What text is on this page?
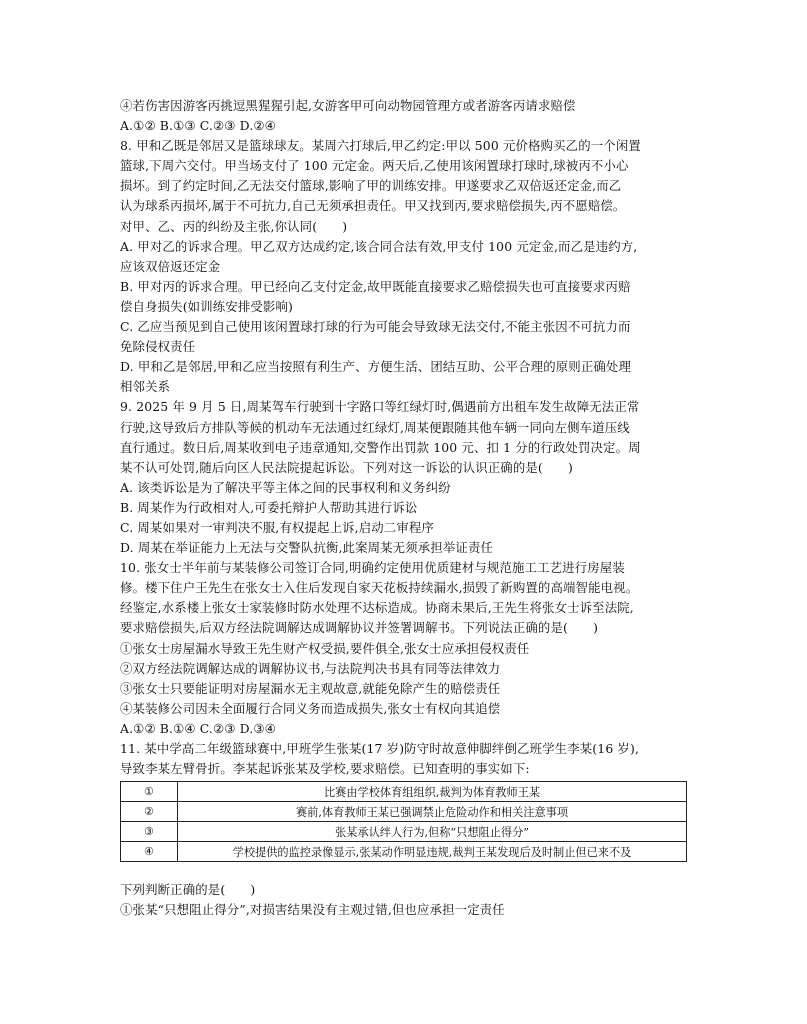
④若伤害因游客丙挑逗黑猩猩引起,女游客甲可向动物园管理方或者游客丙请求赔偿
A.①② B.①③ C.②③ D.②④
8. 甲和乙既是邻居又是篮球球友。某周六打球后,甲乙约定:甲以 500 元价格购买乙的一个闲置
篮球,下周六交付。甲当场支付了 100 元定金。两天后,乙使用该闲置球打球时,球被丙不小心
损坏。到了约定时间,乙无法交付篮球,影响了甲的训练安排。甲遂要求乙双倍返还定金,而乙
认为球系丙损坏,属于不可抗力,自己无须承担责任。甲又找到丙,要求赔偿损失,丙不愿赔偿。
对甲、乙、丙的纠纷及主张,你认同(　　)
A. 甲对乙的诉求合理。甲乙双方达成约定,该合同合法有效,甲支付 100 元定金,而乙是违约方,
应该双倍返还定金
B. 甲对丙的诉求合理。甲已经向乙支付定金,故甲既能直接要求乙赔偿损失也可直接要求丙赔
偿自身损失(如训练安排受影响)
C. 乙应当预见到自己使用该闲置球打球的行为可能会导致球无法交付,不能主张因不可抗力而
免除侵权责任
D. 甲和乙是邻居,甲和乙应当按照有利生产、方便生活、团结互助、公平合理的原则正确处理
相邻关系
9. 2025 年 9 月 5 日,周某驾车行驶到十字路口等红绿灯时,偶遇前方出租车发生故障无法正常
行驶,这导致后方排队等候的机动车无法通过红绿灯,周某便跟随其他车辆一同向左侧车道压线
直行通过。数日后,周某收到电子违章通知,交警作出罚款 100 元、扣 1 分的行政处罚决定。周
某不认可处罚,随后向区人民法院提起诉讼。下列对这一诉讼的认识正确的是(　　)
A. 该类诉讼是为了解决平等主体之间的民事权利和义务纠纷
B. 周某作为行政相对人,可委托辩护人帮助其进行诉讼
C. 周某如果对一审判决不服,有权提起上诉,启动二审程序
D. 周某在举证能力上无法与交警队抗衡,此案周某无须承担举证责任
10. 张女士半年前与某装修公司签订合同,明确约定使用优质建材与规范施工工艺进行房屋装
修。楼下住户王先生在张女士入住后发现自家天花板持续漏水,损毁了新购置的高端智能电视。
经鉴定,水系楼上张女士家装修时防水处理不达标造成。协商未果后,王先生将张女士诉至法院,
要求赔偿损失,后双方经法院调解达成调解协议并签署调解书。下列说法正确的是(　　)
①张女士房屋漏水导致王先生财产权受损,要件俱全,张女士应承担侵权责任
②双方经法院调解达成的调解协议书,与法院判决书具有同等法律效力
③张女士只要能证明对房屋漏水无主观故意,就能免除产生的赔偿责任
④某装修公司因未全面履行合同义务而造成损失,张女士有权向其追偿
A.①② B.①④ C.②③ D.③④
11. 某中学高二年级篮球赛中,甲班学生张某(17 岁)防守时故意伸脚绊倒乙班学生李某(16 岁),
导致李某左臂骨折。李某起诉张某及学校,要求赔偿。已知查明的事实如下:
①	比赛由学校体育组组织,裁判为体育教师王某
②	赛前,体育教师王某已强调禁止危险动作和相关注意事项
③	张某承认绊人行为,但称“只想阻止得分”
④	学校提供的监控录像显示,张某动作明显违规,裁判王某发现后及时制止但已来不及
下列判断正确的是(　　)
①张某“只想阻止得分”,对损害结果没有主观过错,但也应承担一定责任
